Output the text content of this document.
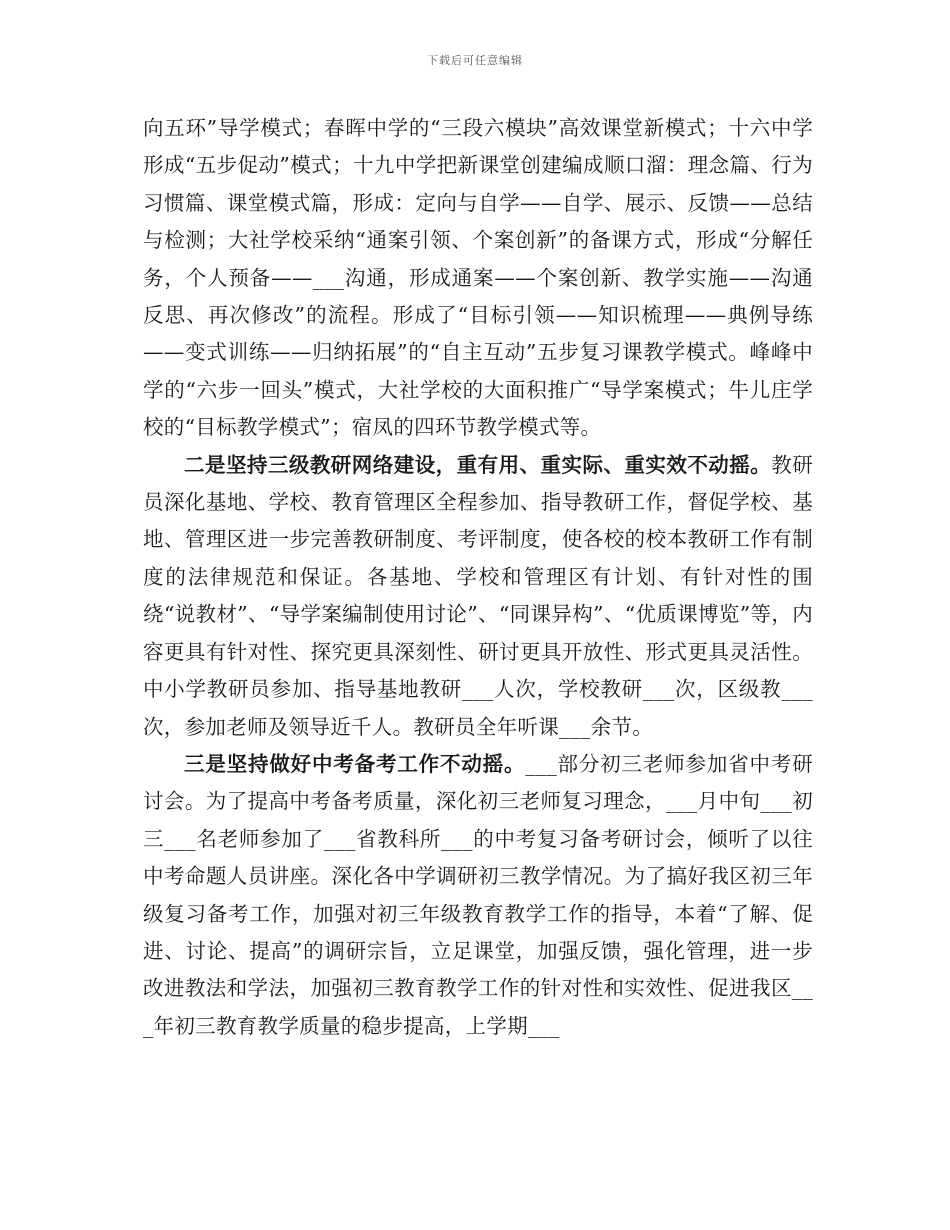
下载后可任意编辑

向五环”导学模式；春晖中学的“三段六模块”高效课堂新模式；十六中学形成“五步促动”模式；十九中学把新课堂创建编成顺口溜：理念篇、行为习惯篇、课堂模式篇，形成：定向与自学——自学、展示、反馈——总结与检测；大社学校采纳“通案引领、个案创新”的备课方式，形成“分解任务，个人预备——___沟通，形成通案——个案创新、教学实施——沟通反思、再次修改”的流程。形成了“目标引领——知识梳理——典例导练——变式训练——归纳拓展”的“自主互动”五步复习课教学模式。峰峰中学的“六步一回头”模式，大社学校的大面积推广“导学案模式；牛儿庄学校的“目标教学模式”；宿凤的四环节教学模式等。

二是坚持三级教研网络建设，重有用、重实际、重实效不动摇。教研员深化基地、学校、教育管理区全程参加、指导教研工作，督促学校、基地、管理区进一步完善教研制度、考评制度，使各校的校本教研工作有制度的法律规范和保证。各基地、学校和管理区有计划、有针对性的围绕“说教材”、“导学案编制使用讨论”、“同课异构”、“优质课博览”等，内容更具有针对性、探究更具深刻性、研讨更具开放性、形式更具灵活性。中小学教研员参加、指导基地教研___人次，学校教研___次，区级教___次，参加老师及领导近千人。教研员全年听课___余节。

三是坚持做好中考备考工作不动摇。___部分初三老师参加省中考研讨会。为了提高中考备考质量，深化初三老师复习理念，___月中旬___初三___名老师参加了___省教科所___的中考复习备考研讨会，倾听了以往中考命题人员讲座。深化各中学调研初三教学情况。为了搞好我区初三年级复习备考工作，加强对初三年级教育教学工作的指导，本着“了解、促进、讨论、提高”的调研宗旨，立足课堂，加强反馈，强化管理，进一步改进教法和学法，加强初三教育教学工作的针对性和实效性、促进我区___年初三教育教学质量的稳步提高，上学期___
